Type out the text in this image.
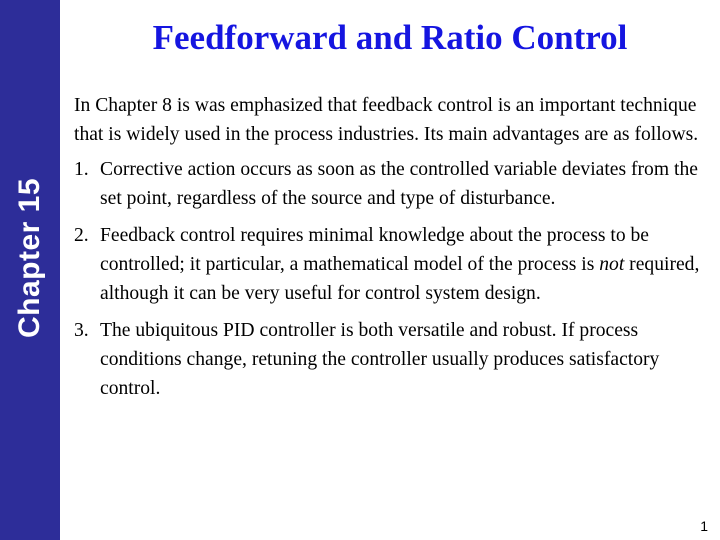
Chapter 15
Feedforward and Ratio Control

In Chapter 8 is was emphasized that feedback control is an important technique that is widely used in the process industries. Its main advantages are as follows.

1. Corrective action occurs as soon as the controlled variable deviates from the set point, regardless of the source and type of disturbance.
2. Feedback control requires minimal knowledge about the process to be controlled; it particular, a mathematical model of the process is not required, although it can be very useful for control system design.
3. The ubiquitous PID controller is both versatile and robust. If process conditions change, retuning the controller usually produces satisfactory control.
1
